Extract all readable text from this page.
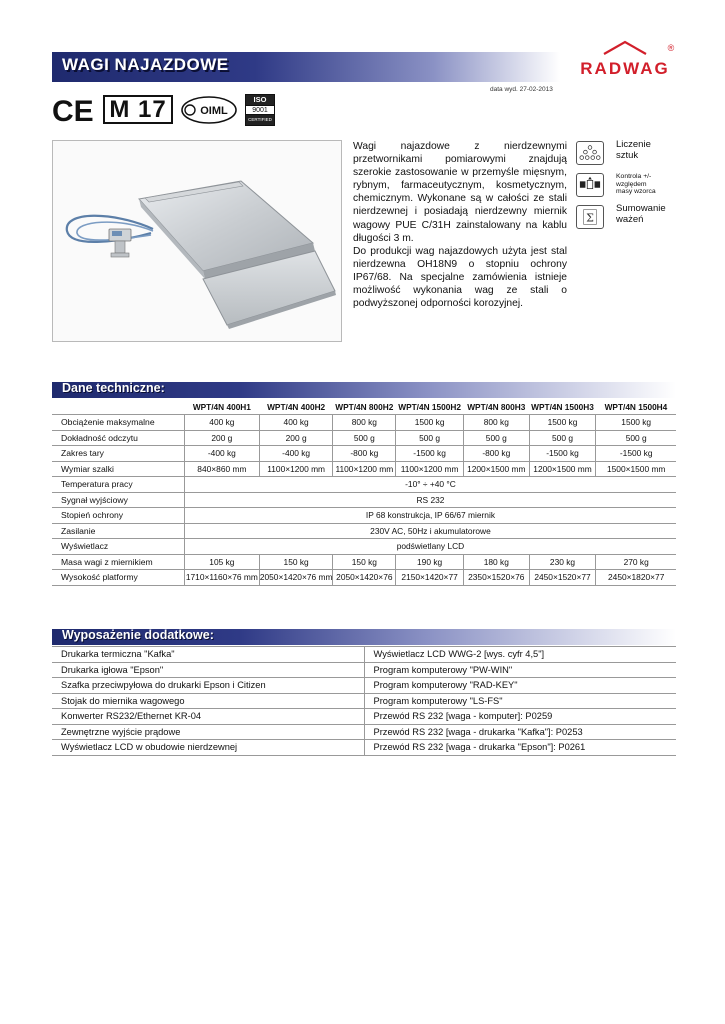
WAGI NAJAZDOWE
data wyd. 27-02-2013
RADWAG
®
CE M 17	OIML
ISO
9001
CERTIFIED

Wagi najazdowe z nierdzewnymi przetwornikami pomiarowymi znajdują szerokie zastosowanie w przemyśle mięsnym, rybnym, farmaceutycznym, kosmetycznym, chemicznym. Wykonane są w całości ze stali nierdzewnej i posiadają nierdzewny miernik wagowy PUE C/31H zainstalowany na kablu długości 3 m.

Do produkcji wag najazdowych użyta jest stal nierdzewna OH18N9 o stopniu ochrony IP67/68. Na specjalne zamówienia istnieje możliwość wykonania wag ze stali o podwyższonej odporności korozyjnej.

Liczenie
sztuk
Kontrola +/-
względem
masy wzorca
Σ
Sumowanie
ważeń
Dane techniczne:
	WPT/4N 400H1	WPT/4N 400H2	WPT/4N 800H2	WPT/4N 1500H2	WPT/4N 800H3	WPT/4N 1500H3	WPT/4N 1500H4
Obciążenie maksymalne	400 kg	400 kg	800 kg	1500 kg	800 kg	1500 kg	1500 kg
Dokładność odczytu	200 g	200 g	500 g	500 g	500 g	500 g	500 g
Zakres tary	-400 kg	-400 kg	-800 kg	-1500 kg	-800 kg	-1500 kg	-1500 kg
Wymiar szalki	840×860 mm	1100×1200 mm	1100×1200 mm	1100×1200 mm	1200×1500 mm	1200×1500 mm	1500×1500 mm
Temperatura pracy	-10° ÷ +40 °C						
Sygnał wyjściowy	RS 232						
Stopień ochrony	IP 68 konstrukcja, IP 66/67 miernik						
Zasilanie	230V AC, 50Hz i akumulatorowe						
Wyświetlacz	podświetlany LCD						
Masa wagi z miernikiem	105 kg	150 kg	150 kg	190 kg	180 kg	230 kg	270 kg
Wysokość platformy	1710×1160×76 mm	2050×1420×76 mm	2050×1420×76	2150×1420×77	2350×1520×76	2450×1520×77	2450×1820×77
Wyposażenie dodatkowe:
Drukarka termiczna "Kafka"	Wyświetlacz LCD WWG-2 [wys. cyfr 4,5"]
Drukarka igłowa "Epson"	Program komputerowy "PW-WIN"
Szafka przeciwpyłowa do drukarki Epson i Citizen	Program komputerowy "RAD-KEY"
Stojak do miernika wagowego	Program komputerowy "LS-FS"
Konwerter RS232/Ethernet KR-04	Przewód RS 232 [waga - komputer]: P0259
Zewnętrzne wyjście prądowe	Przewód RS 232 [waga - drukarka "Kafka"]: P0253
Wyświetlacz LCD w obudowie nierdzewnej	Przewód RS 232 [waga - drukarka "Epson"]: P0261
